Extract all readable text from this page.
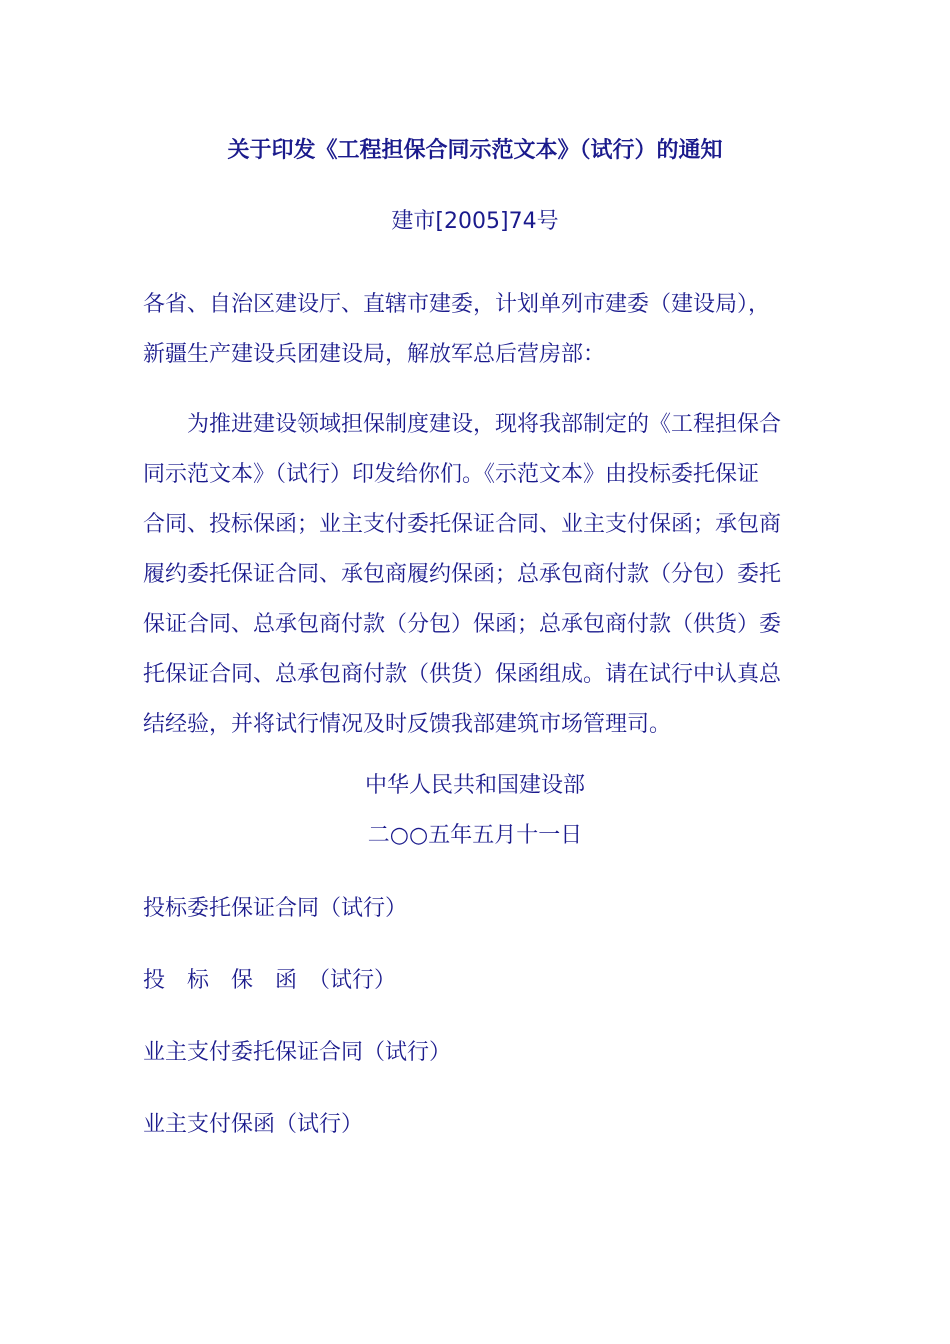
关于印发《工程担保合同示范文本》（试行）的通知
建市[2005]74号

各省、自治区建设厅、直辖市建委，计划单列市建委（建设局），
新疆生产建设兵团建设局，解放军总后营房部：

为推进建设领域担保制度建设，现将我部制定的《工程担保合
同示范文本》（试行）印发给你们。《示范文本》由投标委托保证
合同、投标保函；业主支付委托保证合同、业主支付保函；承包商
履约委托保证合同、承包商履约保函；总承包商付款（分包）委托
保证合同、总承包商付款（分包）保函；总承包商付款（供货）委
托保证合同、总承包商付款（供货）保函组成。请在试行中认真总
结经验，并将试行情况及时反馈我部建筑市场管理司。

中华人民共和国建设部
二○○五年五月十一日
投标委托保证合同（试行）
投　标　保　函　（试行）
业主支付委托保证合同（试行）
业主支付保函（试行）
